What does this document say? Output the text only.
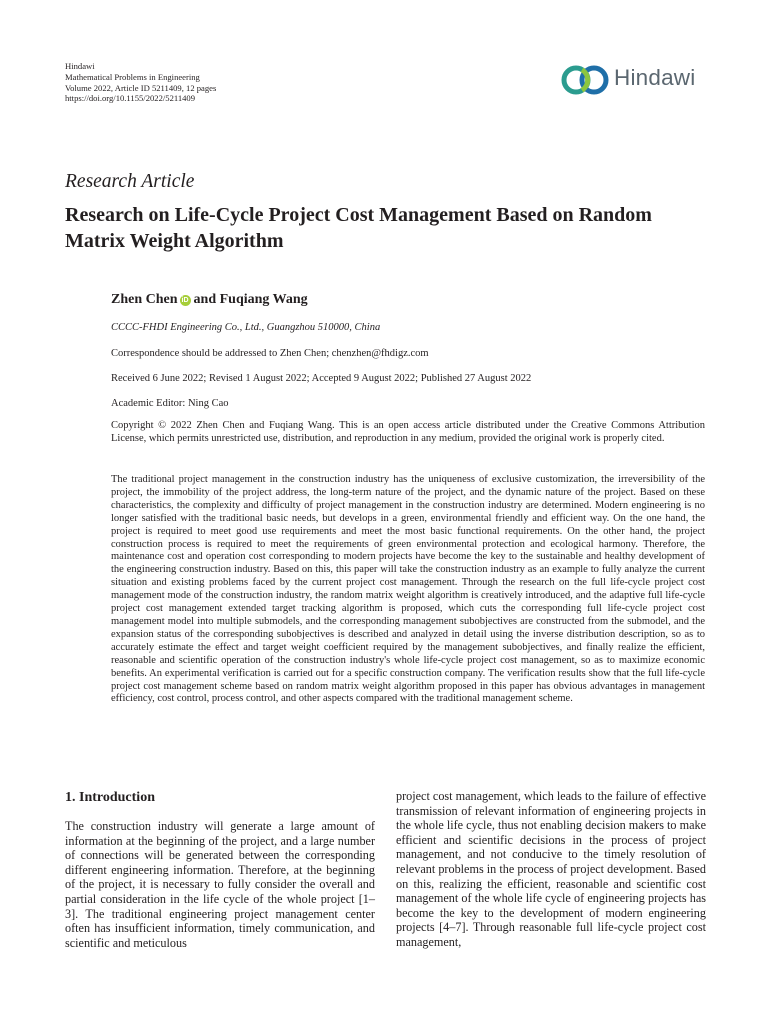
Hindawi
Mathematical Problems in Engineering
Volume 2022, Article ID 5211409, 12 pages
https://doi.org/10.1155/2022/5211409
Hindawi
Research Article
Research on Life-Cycle Project Cost Management Based on Random Matrix Weight Algorithm
Zhen Chen iD and Fuqiang Wang
CCCC-FHDI Engineering Co., Ltd., Guangzhou 510000, China
Correspondence should be addressed to Zhen Chen; chenzhen@fhdigz.com
Received 6 June 2022; Revised 1 August 2022; Accepted 9 August 2022; Published 27 August 2022
Academic Editor: Ning Cao
Copyright © 2022 Zhen Chen and Fuqiang Wang. This is an open access article distributed under the Creative Commons Attribution License, which permits unrestricted use, distribution, and reproduction in any medium, provided the original work is properly cited.
The traditional project management in the construction industry has the uniqueness of exclusive customization, the irreversibility of the project, the immobility of the project address, the long-term nature of the project, and the dynamic nature of the project. Based on these characteristics, the complexity and difficulty of project management in the construction industry are determined. Modern engineering is no longer satisfied with the traditional basic needs, but develops in a green, environmental friendly and efficient way. On the one hand, the project is required to meet good use requirements and meet the most basic functional requirements. On the other hand, the project construction process is required to meet the requirements of green environmental protection and ecological harmony. Therefore, the maintenance cost and operation cost corresponding to modern projects have become the key to the sustainable and healthy development of the engineering construction industry. Based on this, this paper will take the construction industry as an example to fully analyze the current situation and existing problems faced by the current project cost management. Through the research on the full life-cycle project cost management mode of the construction industry, the random matrix weight algorithm is creatively introduced, and the adaptive full life-cycle project cost management extended target tracking algorithm is proposed, which cuts the corresponding full life-cycle project cost management model into multiple submodels, and the corresponding management subobjectives are constructed from the submodel, and the expansion status of the corresponding subobjectives is described and analyzed in detail using the inverse distribution description, so as to accurately estimate the effect and target weight coefficient required by the management subobjectives, and finally realize the efficient, reasonable and scientific operation of the construction industry's whole life-cycle project cost management, so as to maximize economic benefits. An experimental verification is carried out for a specific construction company. The verification results show that the full life-cycle project cost management scheme based on random matrix weight algorithm proposed in this paper has obvious advantages in management efficiency, cost control, process control, and other aspects compared with the traditional management scheme.
1. Introduction
The construction industry will generate a large amount of information at the beginning of the project, and a large number of connections will be generated between the corresponding different engineering information. Therefore, at the beginning of the project, it is necessary to fully consider the overall and partial consideration in the life cycle of the whole project [1–3]. The traditional engineering project management center often has insufficient information, timely communication, and scientific and meticulous
project cost management, which leads to the failure of effective transmission of relevant information of engineering projects in the whole life cycle, thus not enabling decision makers to make efficient and scientific decisions in the process of project management, and not conducive to the timely resolution of relevant problems in the process of project development. Based on this, realizing the efficient, reasonable and scientific cost management of the whole life cycle of engineering projects has become the key to the development of modern engineering projects [4–7]. Through reasonable full life-cycle project cost management,
